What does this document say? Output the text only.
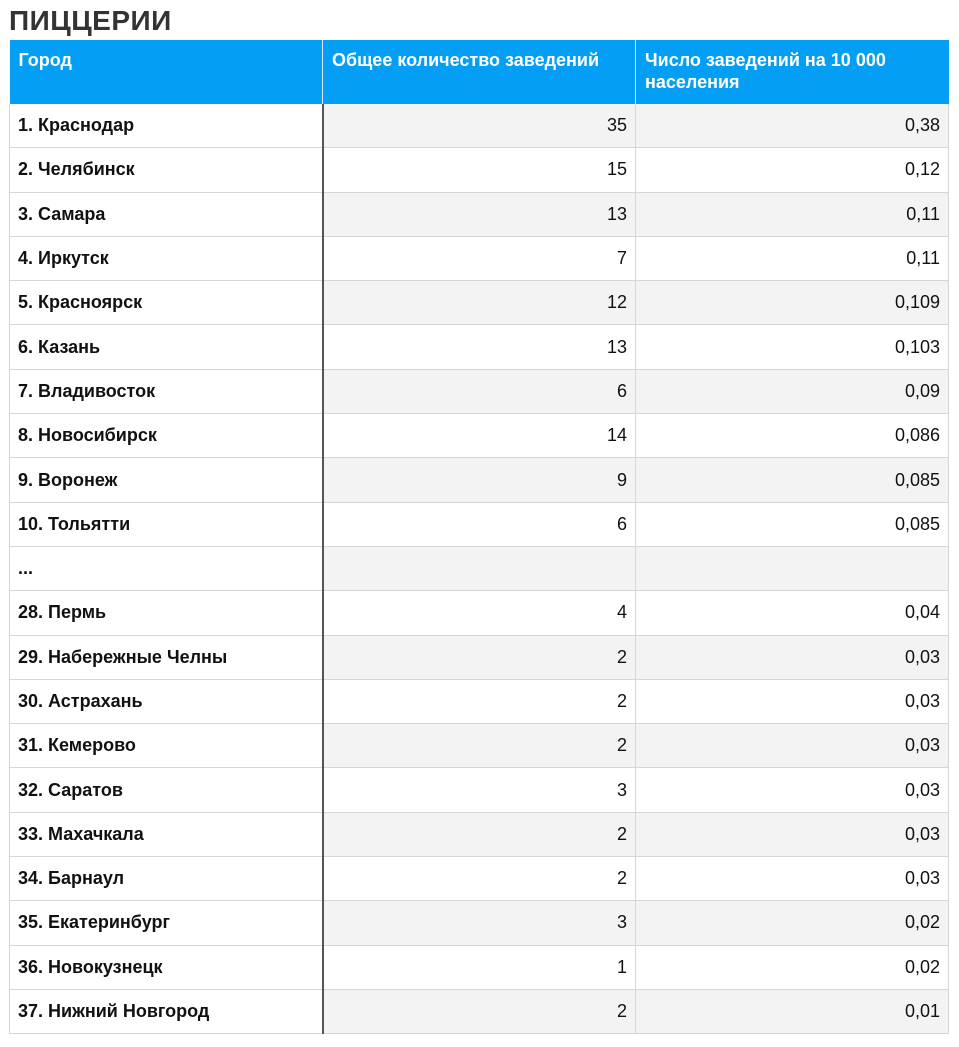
ПИЦЦЕРИИ
Город	Общее количество заведений	Число заведений на 10 000 населения
1. Краснодар	35	0,38
2. Челябинск	15	0,12
3. Самара	13	0,11
4. Иркутск	7	0,11
5. Красноярск	12	0,109
6. Казань	13	0,103
7. Владивосток	6	0,09
8. Новосибирск	14	0,086
9. Воронеж	9	0,085
10. Тольятти	6	0,085
...		
28. Пермь	4	0,04
29. Набережные Челны	2	0,03
30. Астрахань	2	0,03
31. Кемерово	2	0,03
32. Саратов	3	0,03
33. Махачкала	2	0,03
34. Барнаул	2	0,03
35. Екатеринбург	3	0,02
36. Новокузнецк	1	0,02
37. Нижний Новгород	2	0,01
